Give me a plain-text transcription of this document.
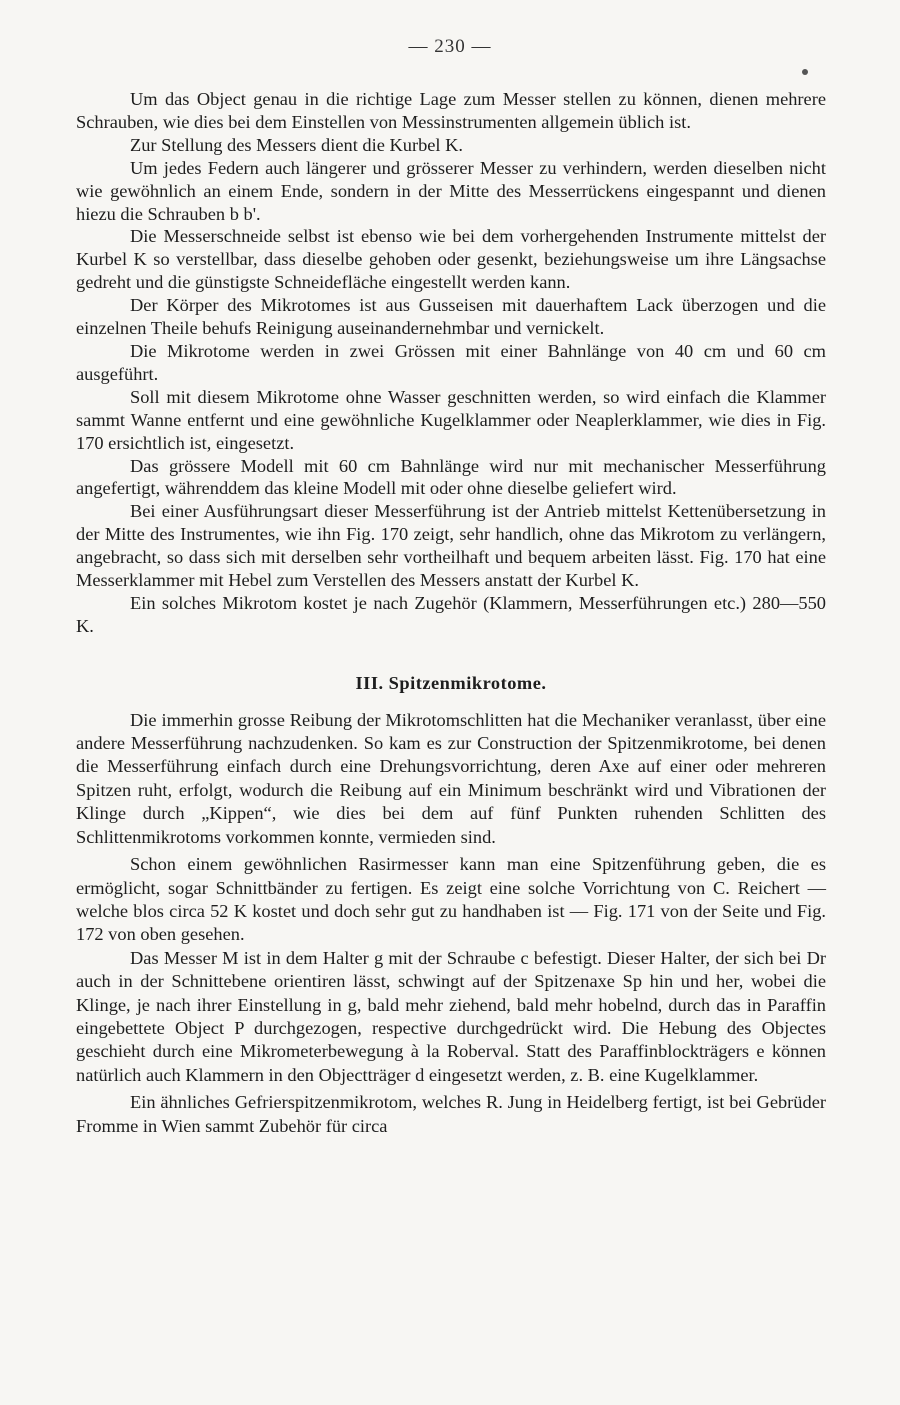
— 230 —

Um das Object genau in die richtige Lage zum Messer stellen zu können, dienen mehrere Schrauben, wie dies bei dem Einstellen von Messinstrumenten allgemein üblich ist.

Zur Stellung des Messers dient die Kurbel K.

Um jedes Federn auch längerer und grösserer Messer zu verhindern, werden dieselben nicht wie gewöhnlich an einem Ende, sondern in der Mitte des Messerrückens eingespannt und dienen hiezu die Schrauben b b'.

Die Messerschneide selbst ist ebenso wie bei dem vorhergehenden Instrumente mittelst der Kurbel K so verstellbar, dass dieselbe gehoben oder gesenkt, beziehungsweise um ihre Längsachse gedreht und die günstigste Schneidefläche eingestellt werden kann.

Der Körper des Mikrotomes ist aus Gusseisen mit dauerhaftem Lack überzogen und die einzelnen Theile behufs Reinigung auseinandernehmbar und vernickelt.

Die Mikrotome werden in zwei Grössen mit einer Bahnlänge von 40 cm und 60 cm ausgeführt.

Soll mit diesem Mikrotome ohne Wasser geschnitten werden, so wird einfach die Klammer sammt Wanne entfernt und eine gewöhnliche Kugelklammer oder Neaplerklammer, wie dies in Fig. 170 ersichtlich ist, eingesetzt.

Das grössere Modell mit 60 cm Bahnlänge wird nur mit mechanischer Messerführung angefertigt, währenddem das kleine Modell mit oder ohne dieselbe geliefert wird.

Bei einer Ausführungsart dieser Messerführung ist der Antrieb mittelst Kettenübersetzung in der Mitte des Instrumentes, wie ihn Fig. 170 zeigt, sehr handlich, ohne das Mikrotom zu verlängern, angebracht, so dass sich mit derselben sehr vortheilhaft und bequem arbeiten lässt. Fig. 170 hat eine Messerklammer mit Hebel zum Verstellen des Messers anstatt der Kurbel K.

Ein solches Mikrotom kostet je nach Zugehör (Klammern, Messerführungen etc.) 280—550 K.

III. Spitzenmikrotome.

Die immerhin grosse Reibung der Mikrotomschlitten hat die Mechaniker veranlasst, über eine andere Messerführung nachzudenken. So kam es zur Construction der Spitzenmikrotome, bei denen die Messerführung einfach durch eine Drehungsvorrichtung, deren Axe auf einer oder mehreren Spitzen ruht, erfolgt, wodurch die Reibung auf ein Minimum beschränkt wird und Vibrationen der Klinge durch „Kippen“, wie dies bei dem auf fünf Punkten ruhenden Schlitten des Schlittenmikrotoms vorkommen konnte, vermieden sind.

Schon einem gewöhnlichen Rasirmesser kann man eine Spitzenführung geben, die es ermöglicht, sogar Schnittbänder zu fertigen. Es zeigt eine solche Vorrichtung von C. Reichert — welche blos circa 52 K kostet und doch sehr gut zu handhaben ist — Fig. 171 von der Seite und Fig. 172 von oben gesehen.

Das Messer M ist in dem Halter g mit der Schraube c befestigt. Dieser Halter, der sich bei Dr auch in der Schnittebene orientiren lässt, schwingt auf der Spitzenaxe Sp hin und her, wobei die Klinge, je nach ihrer Einstellung in g, bald mehr ziehend, bald mehr hobelnd, durch das in Paraffin eingebettete Object P durchgezogen, respective durchgedrückt wird. Die Hebung des Objectes geschieht durch eine Mikrometerbewegung à la Roberval. Statt des Paraffinblockträgers e können natürlich auch Klammern in den Objectträger d eingesetzt werden, z. B. eine Kugelklammer.

Ein ähnliches Gefrierspitzenmikrotom, welches R. Jung in Heidelberg fertigt, ist bei Gebrüder Fromme in Wien sammt Zubehör für circa
